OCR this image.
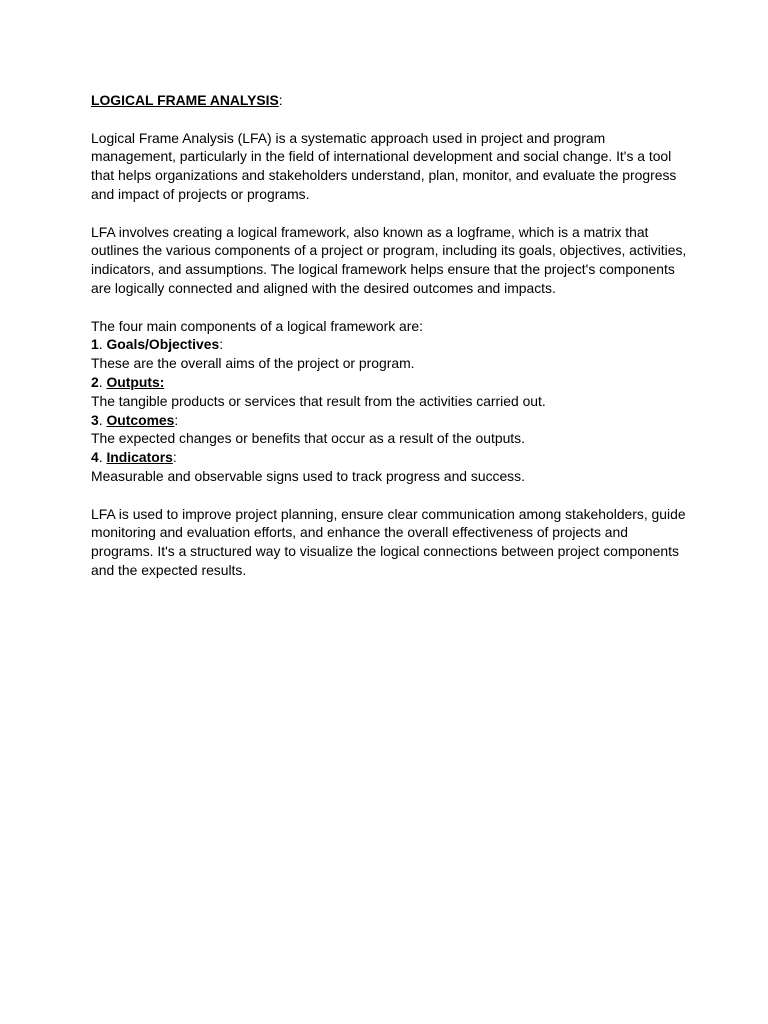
LOGICAL FRAME ANALYSIS:

Logical Frame Analysis (LFA) is a systematic approach used in project and program management, particularly in the field of international development and social change. It's a tool that helps organizations and stakeholders understand, plan, monitor, and evaluate the progress and impact of projects or programs.

LFA involves creating a logical framework, also known as a logframe, which is a matrix that outlines the various components of a project or program, including its goals, objectives, activities, indicators, and assumptions. The logical framework helps ensure that the project's components are logically connected and aligned with the desired outcomes and impacts.

The four main components of a logical framework are:

1. Goals/Objectives:

These are the overall aims of the project or program.

2. Outputs:

The tangible products or services that result from the activities carried out.

3. Outcomes:

The expected changes or benefits that occur as a result of the outputs.

4. Indicators:

Measurable and observable signs used to track progress and success.

LFA is used to improve project planning, ensure clear communication among stakeholders, guide monitoring and evaluation efforts, and enhance the overall effectiveness of projects and programs. It's a structured way to visualize the logical connections between project components and the expected results.
